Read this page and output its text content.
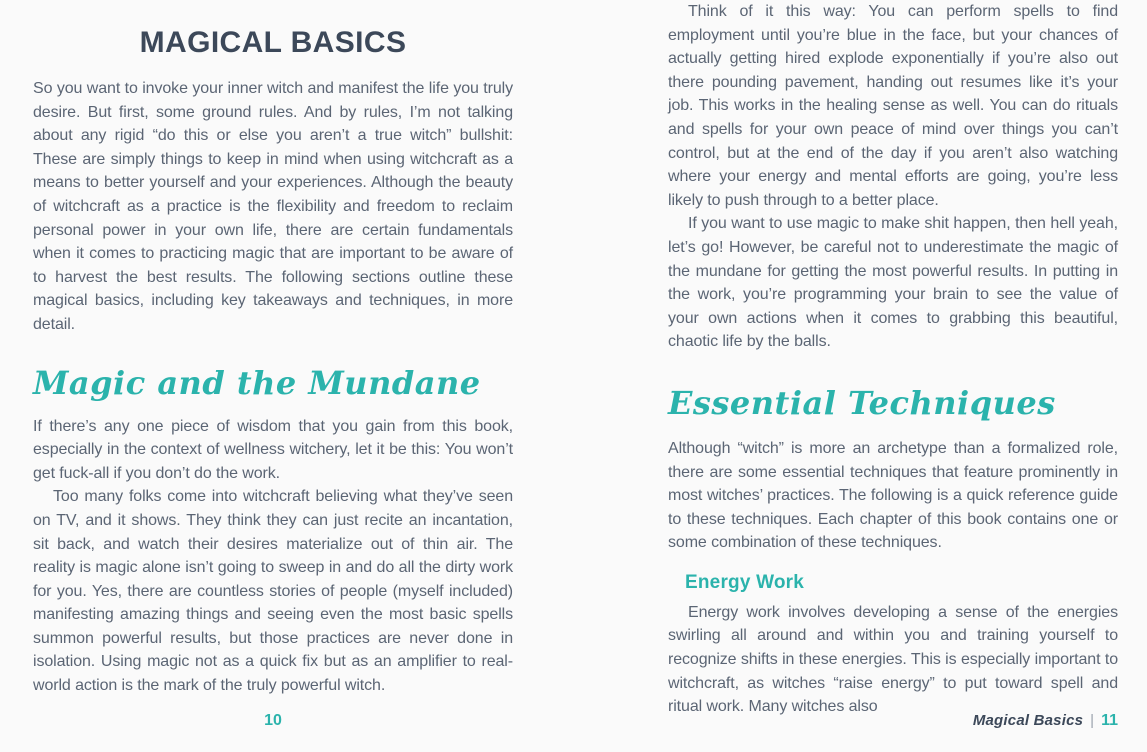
MAGICAL BASICS

So you want to invoke your inner witch and manifest the life you truly desire. But first, some ground rules. And by rules, I’m not talking about any rigid “do this or else you aren’t a true witch” bullshit: These are simply things to keep in mind when using witchcraft as a means to better yourself and your experiences. Although the beauty of witchcraft as a practice is the flexibility and freedom to reclaim personal power in your own life, there are certain fundamentals when it comes to practicing magic that are important to be aware of to harvest the best results. The following sections outline these magical basics, including key takeaways and techniques, in more detail.

Magic and the Mundane

If there’s any one piece of wisdom that you gain from this book, especially in the context of wellness witchery, let it be this: You won’t get fuck-all if you don’t do the work.

Too many folks come into witchcraft believing what they’ve seen on TV, and it shows. They think they can just recite an incantation, sit back, and watch their desires materialize out of thin air. The reality is magic alone isn’t going to sweep in and do all the dirty work for you. Yes, there are countless stories of people (myself included) manifesting amazing things and seeing even the most basic spells summon powerful results, but those practices are never done in isolation. Using magic not as a quick fix but as an amplifier to real-world action is the mark of the truly powerful witch.

10

Think of it this way: You can perform spells to find employment until you’re blue in the face, but your chances of actually getting hired explode exponentially if you’re also out there pounding pavement, handing out resumes like it’s your job. This works in the healing sense as well. You can do rituals and spells for your own peace of mind over things you can’t control, but at the end of the day if you aren’t also watching where your energy and mental efforts are going, you’re less likely to push through to a better place.

If you want to use magic to make shit happen, then hell yeah, let’s go! However, be careful not to underestimate the magic of the mundane for getting the most powerful results. In putting in the work, you’re programming your brain to see the value of your own actions when it comes to grabbing this beautiful, chaotic life by the balls.

Essential Techniques

Although “witch” is more an archetype than a formalized role, there are some essential techniques that feature prominently in most witches’ practices. The following is a quick reference guide to these techniques. Each chapter of this book contains one or some combination of these techniques.

Energy Work

Energy work involves developing a sense of the energies swirling all around and within you and training yourself to recognize shifts in these energies. This is especially important to witchcraft, as witches “raise energy” to put toward spell and ritual work. Many witches also

Magical Basics | 11
